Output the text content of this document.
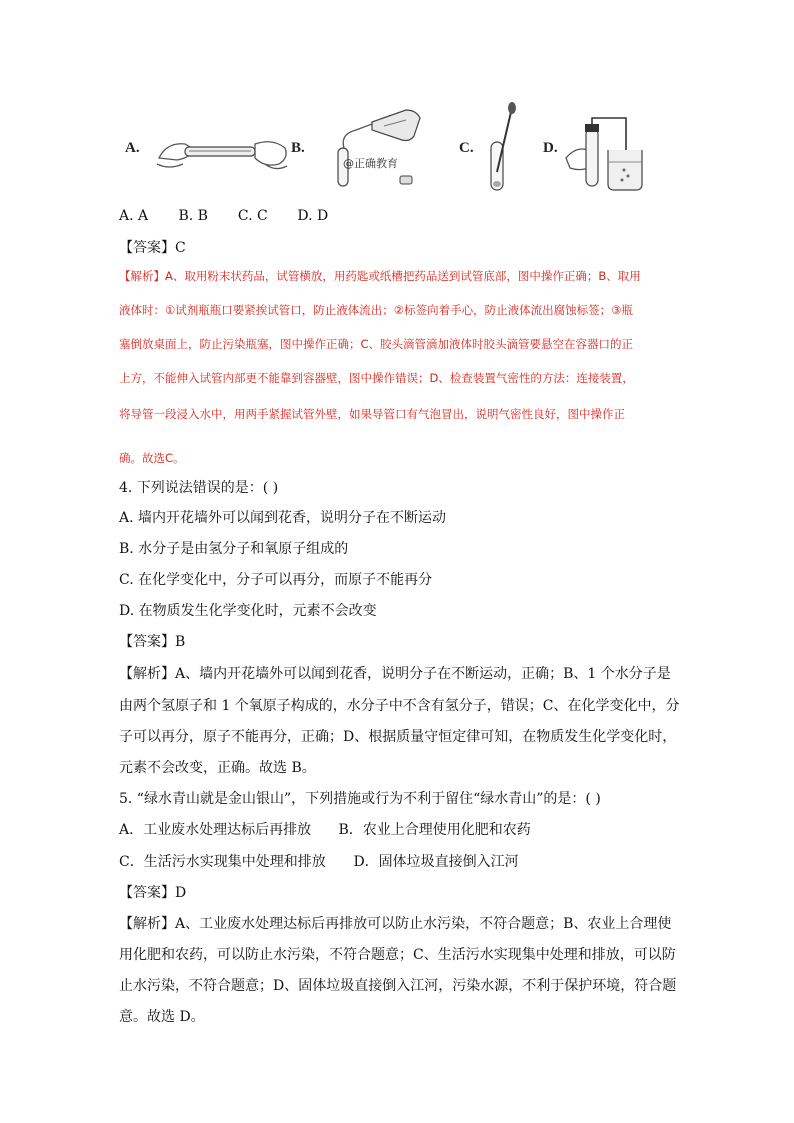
A.	B.
@正确教育
C.	D.
A. A B. B C. C D. D
【答案】C
【解析】A、取用粉末状药品，试管横放，用药匙或纸槽把药品送到试管底部，图中操作正确；B、取用
液体时：①试剂瓶瓶口要紧挨试管口，防止液体流出；②标签向着手心，防止液体流出腐蚀标签；③瓶
塞倒放桌面上，防止污染瓶塞，图中操作正确；C、胶头滴管滴加液体时胶头滴管要悬空在容器口的正
上方，不能伸入试管内部更不能靠到容器壁，图中操作错误；D、检查装置气密性的方法：连接装置，
将导管一段浸入水中，用两手紧握试管外壁，如果导管口有气泡冒出，说明气密性良好，图中操作正
确。故选C。
4. 下列说法错误的是：( )
A. 墙内开花墙外可以闻到花香，说明分子在不断运动
B. 水分子是由氢分子和氧原子组成的
C. 在化学变化中，分子可以再分，而原子不能再分
D. 在物质发生化学变化时，元素不会改变
【答案】B
【解析】A、墙内开花墙外可以闻到花香，说明分子在不断运动，正确；B、1 个水分子是
由两个氢原子和 1 个氧原子构成的，水分子中不含有氢分子，错误；C、在化学变化中，分
子可以再分，原子不能再分，正确；D、根据质量守恒定律可知，在物质发生化学变化时，
元素不会改变，正确。故选 B。
5. “绿水青山就是金山银山”，下列措施或行为不利于留住“绿水青山”的是：( )
A．工业废水处理达标后再排放 B．农业上合理使用化肥和农药
C．生活污水实现集中处理和排放 D．固体垃圾直接倒入江河
【答案】D
【解析】A、工业废水处理达标后再排放可以防止水污染，不符合题意；B、农业上合理使
用化肥和农药，可以防止水污染，不符合题意；C、生活污水实现集中处理和排放，可以防
止水污染，不符合题意；D、固体垃圾直接倒入江河，污染水源，不利于保护环境，符合题
意。故选 D。
